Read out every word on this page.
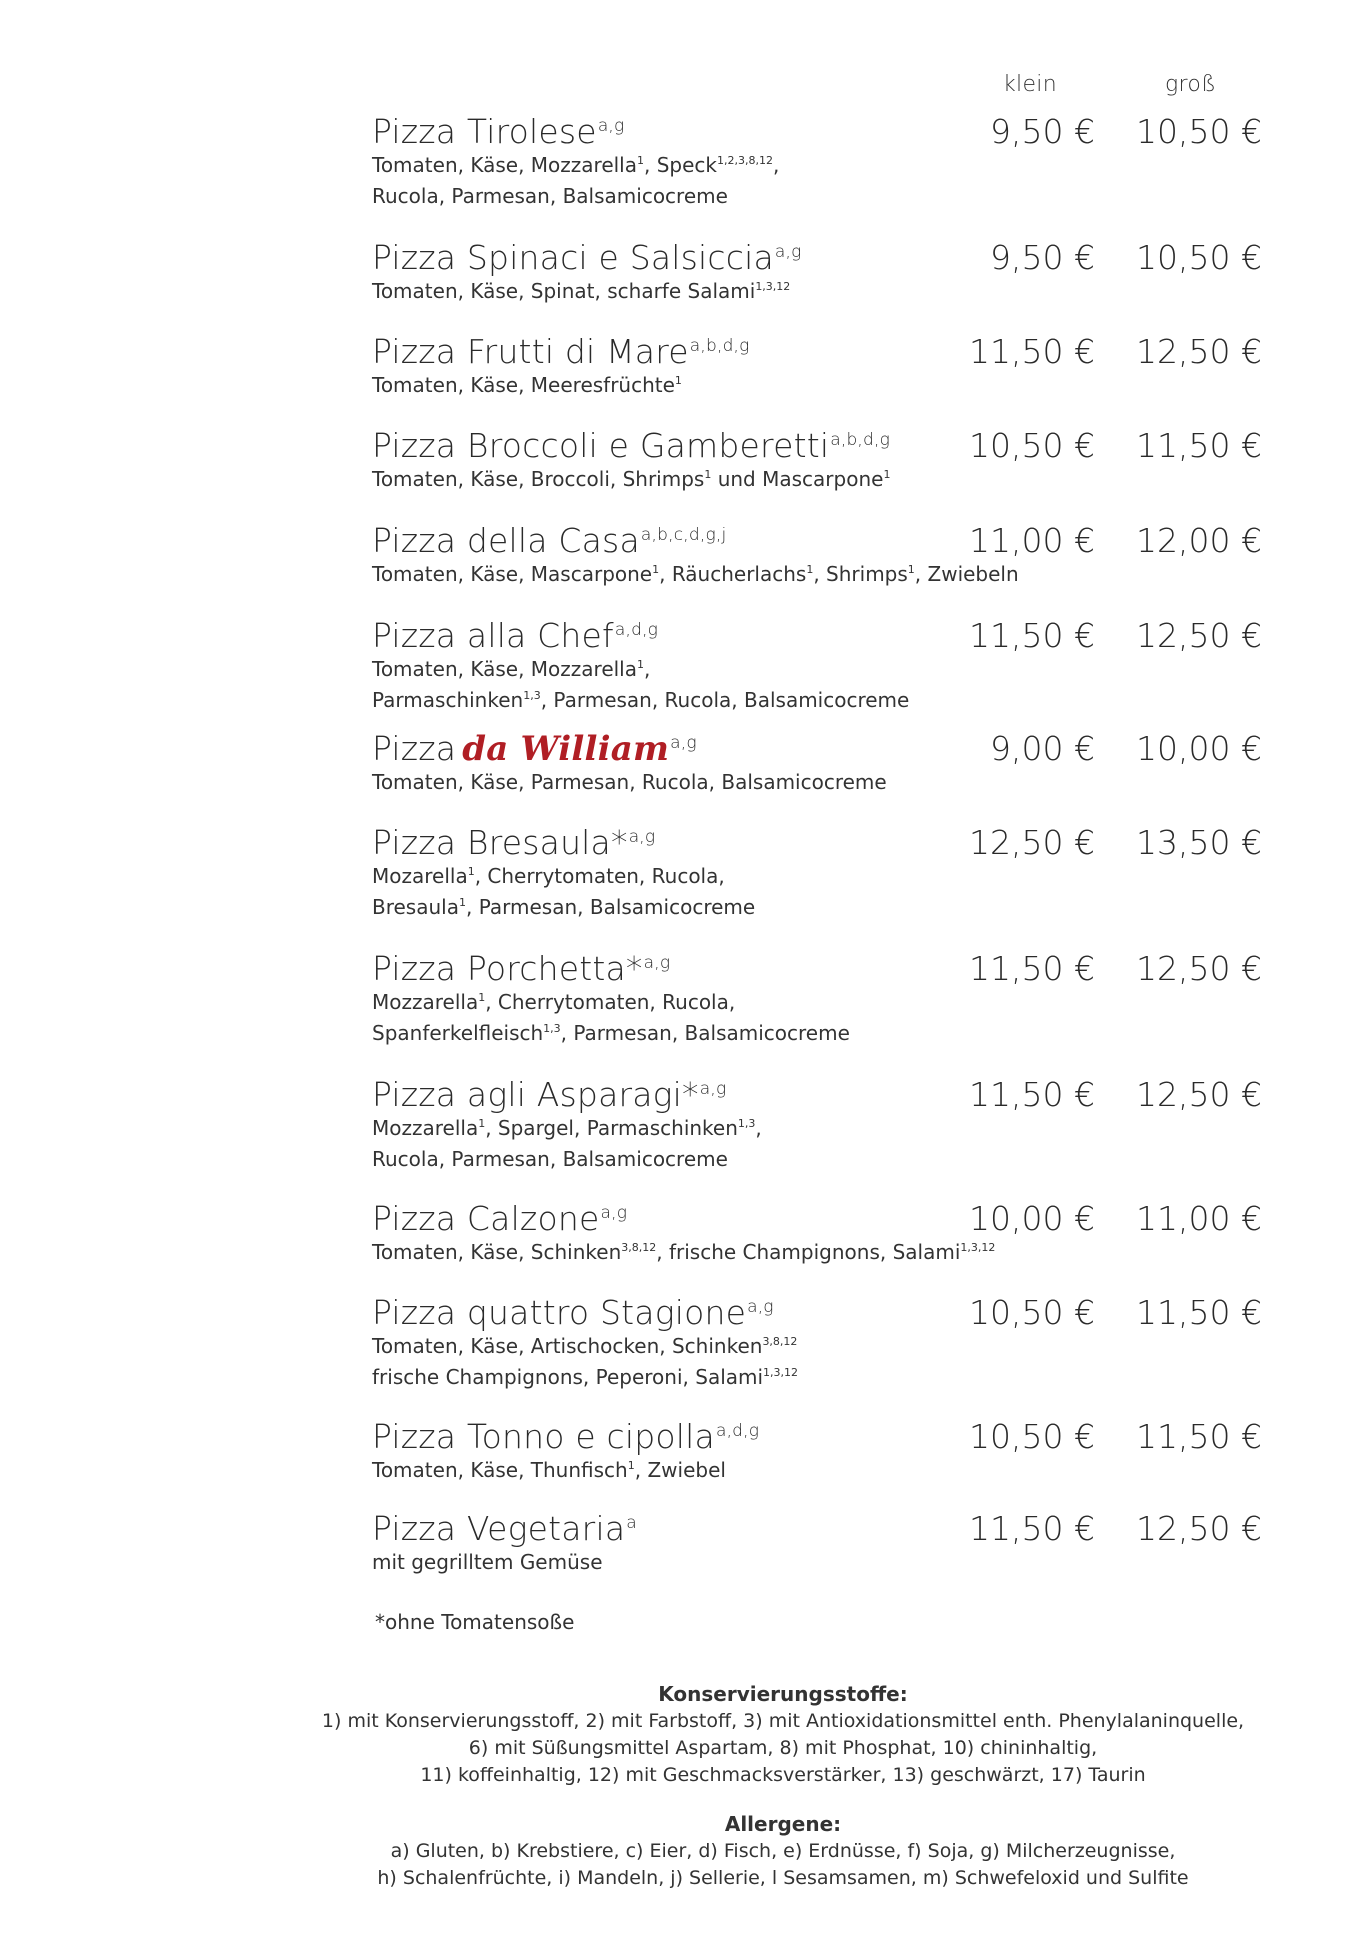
klein	groß
Pizza Tirolese$^{a,g}$
Tomaten, Käse, Mozzarella$^1$, Speck$^{1,2,3,8,12}$,
Rucola, Parmesan, Balsamicocreme
9,50 €	10,50 €
Pizza Spinaci e Salsiccia$^{a,g}$
Tomaten, Käse, Spinat, scharfe Salami$^{1,3,12}$
9,50 €	10,50 €
Pizza Frutti di Mare$^{a,b,d,g}$
Tomaten, Käse, Meeresfrüchte$^1$
11,50 €	12,50 €
Pizza Broccoli e Gamberetti$^{a,b,d,g}$
Tomaten, Käse, Broccoli, Shrimps$^1$ und Mascarpone$^1$
10,50 €	11,50 €
Pizza della Casa$^{a,b,c,d,g,j}$
Tomaten, Käse, Mascarpone$^1$, Räucherlachs$^1$, Shrimps$^1$, Zwiebeln
11,00 €	12,00 €
Pizza alla Chef$^{a,d,g}$
Tomaten, Käse, Mozzarella$^1$,
Parmaschinken$^{1,3}$, Parmesan, Rucola, Balsamicocreme
11,50 €	12,50 €
Pizza da William$^{a,g}$
Tomaten, Käse, Parmesan, Rucola, Balsamicocreme
9,00 €	10,00 €
Pizza Bresaula*$^{a,g}$
Mozarella$^1$, Cherrytomaten, Rucola,
Bresaula$^1$, Parmesan, Balsamicocreme
12,50 €	13,50 €
Pizza Porchetta*$^{a,g}$
Mozzarella$^1$, Cherrytomaten, Rucola,
Spanferkelfleisch$^{1,3}$, Parmesan, Balsamicocreme
11,50 €	12,50 €
Pizza agli Asparagi*$^{a,g}$
Mozzarella$^1$, Spargel, Parmaschinken$^{1,3}$,
Rucola, Parmesan, Balsamicocreme
11,50 €	12,50 €
Pizza Calzone$^{a,g}$
Tomaten, Käse, Schinken$^{3,8,12}$, frische Champignons, Salami$^{1,3,12}$
10,00 €	11,00 €
Pizza quattro Stagione$^{a,g}$
Tomaten, Käse, Artischocken, Schinken$^{3,8,12}$
frische Champignons, Peperoni, Salami$^{1,3,12}$
10,50 €	11,50 €
Pizza Tonno e cipolla$^{a,d,g}$
Tomaten, Käse, Thunfisch$^1$, Zwiebel
10,50 €	11,50 €
Pizza Vegetaria$^a$
mit gegrilltem Gemüse
11,50 €	12,50 €
*ohne Tomatensoße
Konservierungsstoffe:
1) mit Konservierungsstoff, 2) mit Farbstoff, 3) mit Antioxidationsmittel enth. Phenylalaninquelle,
6) mit Süßungsmittel Aspartam, 8) mit Phosphat, 10) chininhaltig,
11) koffeinhaltig, 12) mit Geschmacksverstärker, 13) geschwärzt, 17) Taurin
Allergene:
a) Gluten, b) Krebstiere, c) Eier, d) Fisch, e) Erdnüsse, f) Soja, g) Milcherzeugnisse,
h) Schalenfrüchte, i) Mandeln, j) Sellerie, l Sesamsamen, m) Schwefeloxid und Sulfite
